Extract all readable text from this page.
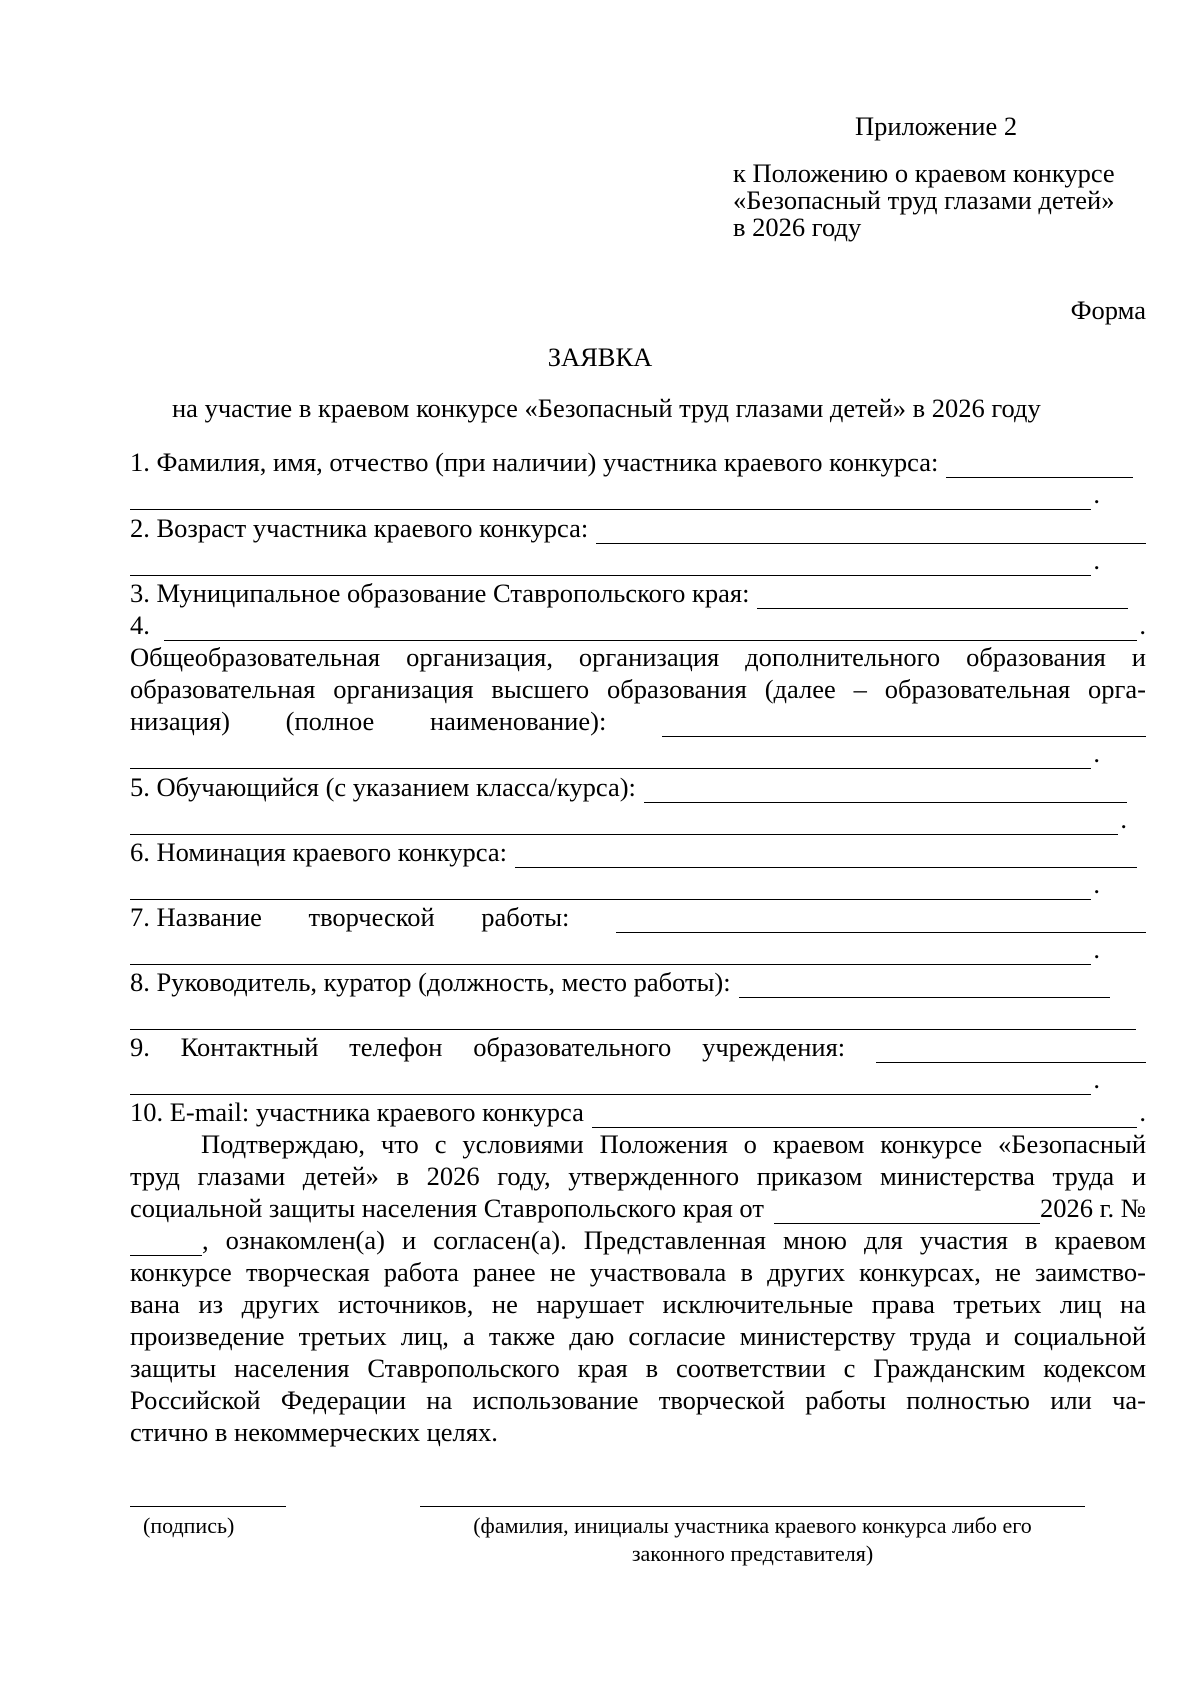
Приложение 2
к Положению о краевом конкурсе
«Безопасный труд глазами детей»
в 2026 году
Форма
ЗАЯВКА
на участие в краевом конкурсе «Безопасный труд глазами детей» в 2026 году
1. Фамилия, имя, отчество (при наличии) участника краевого конкурса:
.
2. Возраст участника краевого конкурса:
.
3. Муниципальное образование Ставропольского края:
4.	.
Общеобразовательная организация, организация дополнительного образования и
образовательная организация высшего образования (далее – образовательная орга-
низация) (полное наименование):
.
5. Обучающийся (с указанием класса/курса):
.
6. Номинация краевого конкурса:
.
7. Название творческой работы:
.
8. Руководитель, куратор (должность, место работы):
9. Контактный телефон образовательного учреждения:
.
10. E-mail: участника краевого конкурса	.
Подтверждаю, что с условиями Положения о краевом конкурсе «Безопасный
труд глазами детей» в 2026 году, утвержденного приказом министерства труда и
социальной защиты населения Ставропольского края от	2026 г. №
, ознакомлен(а) и согласен(а). Представленная мною для участия в краевом
конкурсе творческая работа ранее не участвовала в других конкурсах, не заимство-
вана из других источников, не нарушает исключительные права третьих лиц на
произведение третьих лиц, а также даю согласие министерству труда и социальной
защиты населения Ставропольского края в соответствии с Гражданским кодексом
Российской Федерации на использование творческой работы полностью или ча-
стично в некоммерческих целях.
(подпись)	(фамилия, инициалы участника краевого конкурса либо его
законного представителя)
